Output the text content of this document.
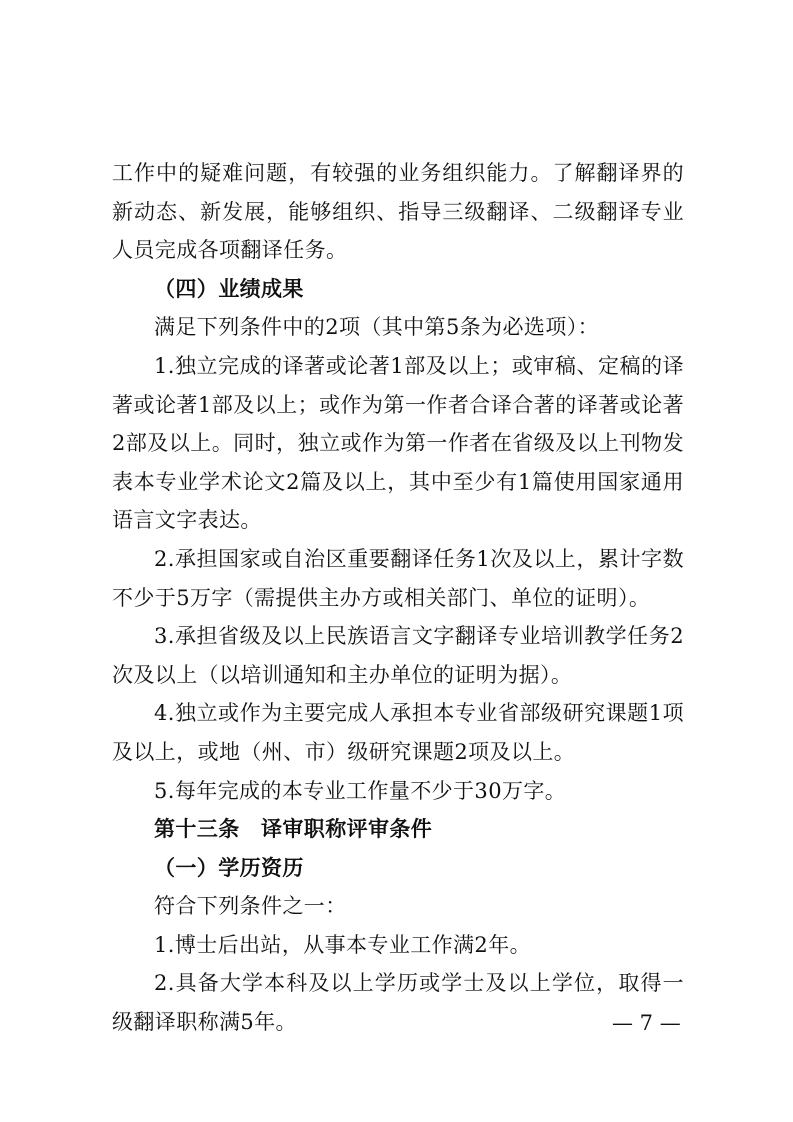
工作中的疑难问题，有较强的业务组织能力。了解翻译界的新动态、新发展，能够组织、指导三级翻译、二级翻译专业人员完成各项翻译任务。

（四）业绩成果

满足下列条件中的2项（其中第5条为必选项）：

1.独立完成的译著或论著1部及以上；或审稿、定稿的译著或论著1部及以上；或作为第一作者合译合著的译著或论著2部及以上。同时，独立或作为第一作者在省级及以上刊物发表本专业学术论文2篇及以上，其中至少有1篇使用国家通用语言文字表达。

2.承担国家或自治区重要翻译任务1次及以上，累计字数不少于5万字（需提供主办方或相关部门、单位的证明）。

3.承担省级及以上民族语言文字翻译专业培训教学任务2次及以上（以培训通知和主办单位的证明为据）。

4.独立或作为主要完成人承担本专业省部级研究课题1项及以上，或地（州、市）级研究课题2项及以上。

5.每年完成的本专业工作量不少于30万字。

第十三条　译审职称评审条件

（一）学历资历

符合下列条件之一：

1.博士后出站，从事本专业工作满2年。

2.具备大学本科及以上学历或学士及以上学位，取得一级翻译职称满5年。	— 7 —
